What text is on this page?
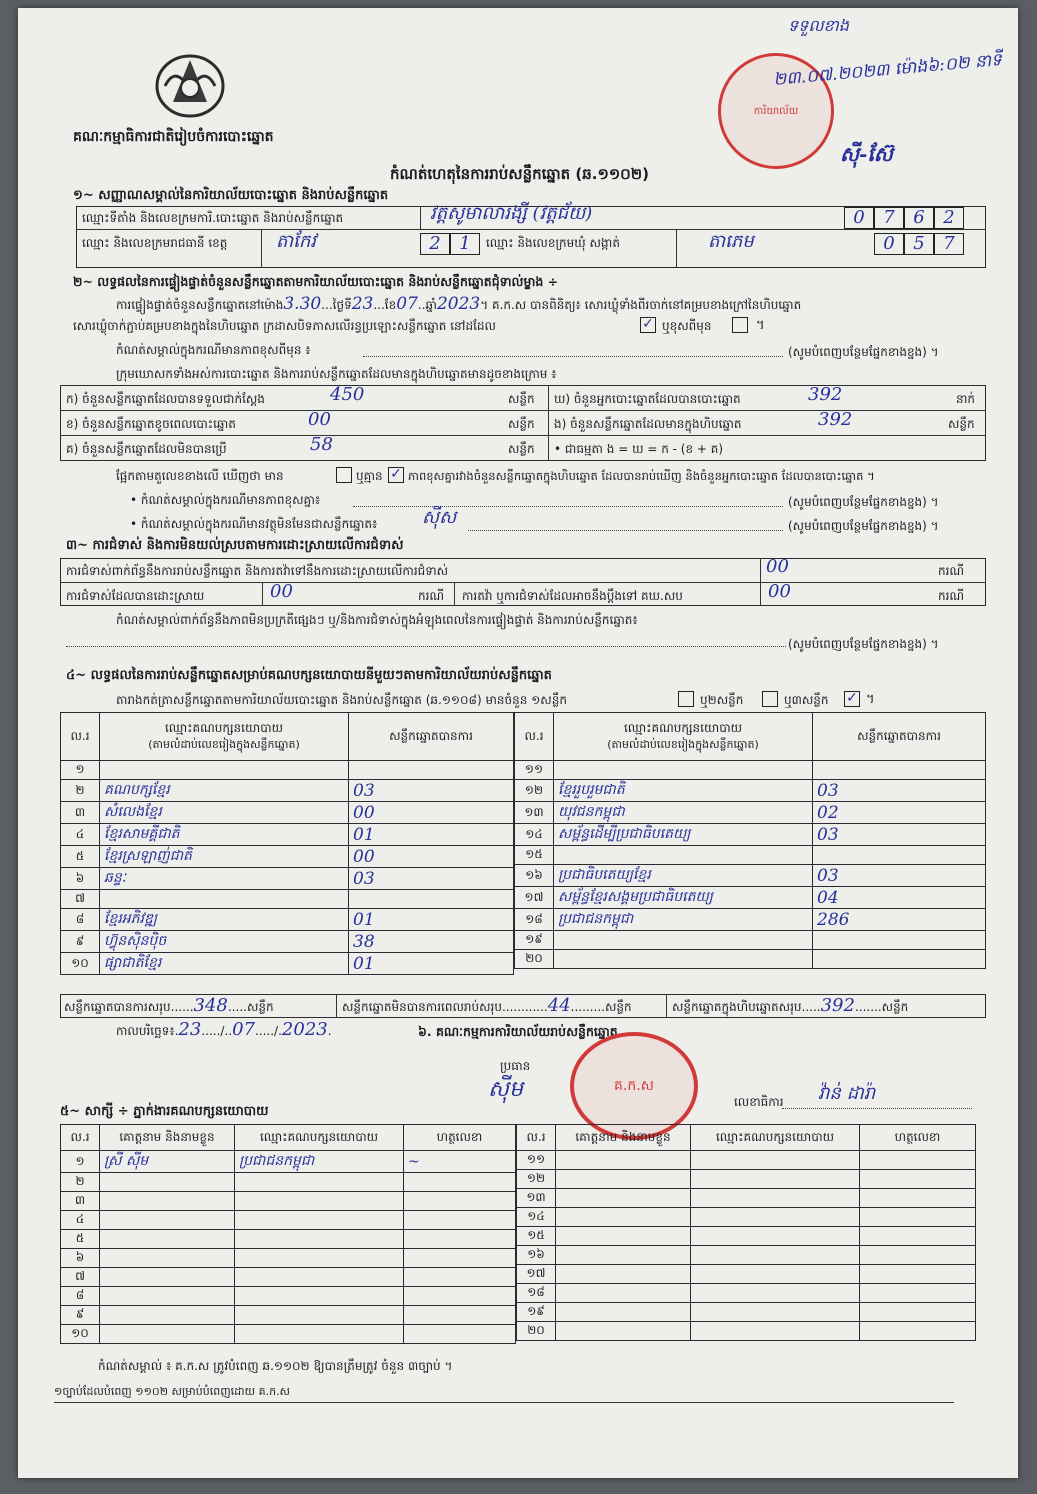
គណៈកម្មាធិការជាតិរៀបចំការបោះឆ្នោត
ការិយាល័យ
ទទួលខាង
២៣.០៧.២០២៣ ម៉ោង៦:០២ នាទី
ស៊ី-ស៊ែ
កំណត់ហេតុនៃការរាប់សន្លឹកឆ្នោត (ឆ.១១០២)
១~ សញ្ញាណសម្គាល់នៃការិយាល័យបោះឆ្នោត និងរាប់សន្លឹកឆ្នោត
ឈ្មោះទីតាំង និងលេខក្រមការិ.បោះឆ្នោត និងរាប់សន្លឹកឆ្នោត	វត្តសូមាលារង្សី (វត្តជ័យ)	0	7	6	2
ឈ្មោះ និងលេខក្រមរាជធានី ខេត្ត	តាកែវ	2	1	ឈ្មោះ និងលេខក្រមឃុំ សង្កាត់	តាភេម	0	5	7
២~ លទ្ធផលនៃការផ្ទៀងផ្ទាត់ចំនួនសន្លឹកឆ្នោតតាមការិយាល័យបោះឆ្នោត និងរាប់សន្លឹកឆ្នោតជុំទាល់ម្ខាង ÷
ការផ្ទៀងផ្ទាត់ចំនួនសន្លឹកឆ្នោតនៅម៉ោង3.30...ថ្ងៃទី23...ខែ07..ឆ្នាំ2023។ គ.ក.ស បានពិនិត្យ៖ សោរឃ្លុំទាំងពីរចាក់នៅគម្របខាងក្រៅនៃហិបឆ្នោត
សោរឃ្លុំចាក់ភ្ជាប់គម្របខាងក្នុងនៃហិបឆ្នោត ក្រដាសបិទភាសលើរន្ធប្រឡោះសន្លឹកឆ្នោត នៅដដែល	✓ ឬខុសពីមុន	។
កំណត់សម្គាល់ក្នុងករណីមានភាពខុសពីមុន ៖	(សូមបំពេញបន្ថែមផ្នែកខាងខ្នង) ។
ក្រុមឃោសកទាំងអស់ការបោះឆ្នោត និងការរាប់សន្លឹកឆ្នោតដែលមានក្នុងហិបឆ្នោតមានដូចខាងក្រោម ៖
ក) ចំនួនសន្លឹកឆ្នោតដែលបានទទួលជាក់ស្តែង	450	សន្លឹក ឃ) ចំនួនអ្នកបោះឆ្នោតដែលបានបោះឆ្នោត	392	នាក់
ខ) ចំនួនសន្លឹកឆ្នោតខូចពេលបោះឆ្នោត	00	សន្លឹក ង) ចំនួនសន្លឹកឆ្នោតដែលមានក្នុងហិបឆ្នោត	392	សន្លឹក
គ) ចំនួនសន្លឹកឆ្នោតដែលមិនបានប្រើ	58	សន្លឹក • ជាធម្មតា ង = ឃ = ក - (ខ + គ)
ផ្អែកតាមតួលេខខាងលើ ឃើញថា មាន	ឬគ្មាន ✓ ភាពខុសគ្នារវាងចំនួនសន្លឹកឆ្នោតក្នុងហិបឆ្នោត ដែលបានរាប់ឃើញ និងចំនួនអ្នកបោះឆ្នោត ដែលបានបោះឆ្នោត ។
• កំណត់សម្គាល់ក្នុងករណីមានភាពខុសគ្នា៖	(សូមបំពេញបន្ថែមផ្នែកខាងខ្នង) ។
• កំណត់សម្គាល់ក្នុងករណីមានវត្ថុមិនមែនជាសន្លឹកឆ្នោត៖ ស៊ីស	(សូមបំពេញបន្ថែមផ្នែកខាងខ្នង) ។
៣~ ការជំទាស់ និងការមិនយល់ស្របតាមការដោះស្រាយលើការជំទាស់
ការជំទាស់ពាក់ព័ន្ធនឹងការរាប់សន្លឹកឆ្នោត និងការតវ៉ាទៅនឹងការដោះស្រាយលើការជំទាស់	00	ករណី
ការជំទាស់ដែលបានដោះស្រាយ	00	ករណី ការតវ៉ា ឬការជំទាស់ដែលអាចនឹងប្តឹងទៅ គឃ.សប	00	ករណី
កំណត់សម្គាល់ពាក់ព័ន្ធនឹងភាពមិនប្រក្រតីផ្សេងៗ ឬ/និងការជំទាស់ក្នុងអំឡុងពេលនៃការផ្ទៀងផ្ទាត់ និងការរាប់សន្លឹកឆ្នោត៖
(សូមបំពេញបន្ថែមផ្នែកខាងខ្នង) ។
៤~ លទ្ធផលនៃការរាប់សន្លឹកឆ្នោតសម្រាប់គណបក្សនយោបាយនីមួយៗតាមការិយាល័យរាប់សន្លឹកឆ្នោត
តារាងកត់ត្រាសន្លឹកឆ្នោតតាមការិយាល័យបោះឆ្នោត និងរាប់សន្លឹកឆ្នោត (ឆ.១១០៨) មានចំនួន ១សន្លឹក	ឬ២សន្លឹក	ឬ៣សន្លឹក ✓ ។
ល.រ	ឈ្មោះគណបក្សនយោបាយ
(តាមលំដាប់លេខរៀងក្នុងសន្លឹកឆ្នោត)	សន្លឹកឆ្នោតបានការ
១		
២	គណបក្សខ្មែរ	03
៣	សំលេងខ្មែរ	00
៤	ខ្មែរសាមគ្គីជាតិ	01
៥	ខ្មែរស្រឡាញ់ជាតិ	00
៦	ឆន្ទៈ	03
៧		
៨	ខ្មែរអភិវឌ្ឍ	01
៩	ហ៊្វុនស៊ិនប៉ិច	38
១០	ផ្សាជាតិខ្មែរ	01
ល.រ	ឈ្មោះគណបក្សនយោបាយ
(តាមលំដាប់លេខរៀងក្នុងសន្លឹកឆ្នោត)	សន្លឹកឆ្នោតបានការ
១១		
១២	ខ្មែររួបរួមជាតិ	03
១៣	យុវជនកម្ពុជា	02
១៤	សម្ព័ន្ធដើម្បីប្រជាធិបតេយ្យ	03
១៥		
១៦	ប្រជាធិបតេយ្យខ្មែរ	03
១៧	សម្ព័ន្ធខ្មែរសង្គមប្រជាធិបតេយ្យ	04
១៨	ប្រជាជនកម្ពុជា	286
១៩		
២០		
សន្លឹកឆ្នោតបានការសរុប......348.....សន្លឹក	សន្លឹកឆ្នោតមិនបានការពេលរាប់សរុប............44.........សន្លឹក	សន្លឹកឆ្នោតក្នុងហិបឆ្នោតសរុប.....392.......សន្លឹក
កាលបរិច្ឆេទ៖.23...../..07...../.2023.	៦. គណៈកម្មការការិយាល័យរាប់សន្លឹកឆ្នោត
ប្រធាន
ស៊ីម	គ.ក.ស
លេខាធិការ វ៉ាន់ ដារ៉ា
៥~ សាក្សី ÷ ភ្នាក់ងារគណបក្សនយោបាយ
ល.រ	គោត្តនាម និងនាមខ្លួន	ឈ្មោះគណបក្សនយោបាយ	ហត្ថលេខា
១	ស្រី ស៊ីម	ប្រជាជនកម្ពុជា	~
២			
៣			
៤			
៥			
៦			
៧			
៨			
៩			
១០			
ល.រ	គោត្តនាម និងនាមខ្លួន	ឈ្មោះគណបក្សនយោបាយ	ហត្ថលេខា
១១			
១២			
១៣			
១៤			
១៥			
១៦			
១៧			
១៨			
១៩			
២០			
កំណត់សម្គាល់ ៖ គ.ក.ស ត្រូវបំពេញ ឆ.១១០២ ឱ្យបានត្រឹមត្រូវ ចំនួន ៣ច្បាប់ ។
១ច្បាប់ដែលបំពេញ ១១០២ សម្រាប់បំពេញដោយ គ.ក.ស
